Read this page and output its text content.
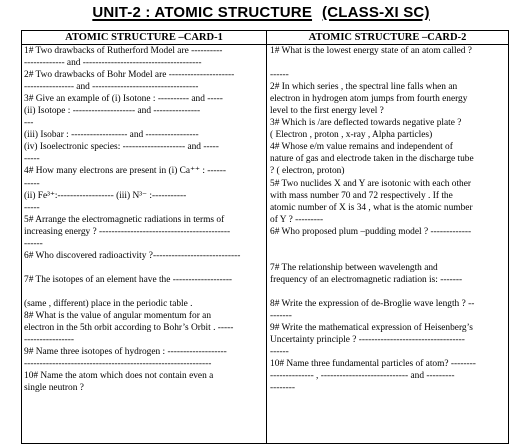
UNIT-2 : ATOMIC STRUCTURE (CLASS-XI SC)
ATOMIC STRUCTURE –CARD-1	ATOMIC STRUCTURE –CARD-2
1# Two drawbacks of Rutherford Model are ----------
------------- and --------------------------------------
2# Two drawbacks of Bohr Model are ---------------------
---------------- and ----------------------------------
3# Give an example of (i) Isotone : ---------- and -----
(ii) Isotope : -------------------- and ---------------
---
(iii) Isobar : ------------------ and -----------------
(iv) Isoelectronic species: -------------------- and -----
-----
4# How many electrons are present in (i) Ca⁺⁺ : ------
-----
(ii) Fe³⁺:------------------ (iii) N³⁻ :-----------
-----
5# Arrange the electromagnetic radiations in terms of
increasing energy ? ------------------------------------------
------
6# Who discovered radioactivity ?----------------------------
7# The isotopes of an element have the -------------------
(same , different) place in the periodic table .
8# What is the value of angular momentum for an
electron in the 5th orbit according to Bohr’s Orbit . -----
----------------
9# Name three isotopes of hydrogen : -------------------
------------------------------------------------------------
10# Name the atom which does not contain even a
single neutron ?
1# What is the lowest energy state of an atom called ?
------
2# In which series , the spectral line falls when an
electron in hydrogen atom jumps from fourth energy
level to the first energy level ?
3# Which is /are deflected towards negative plate ?
( Electron , proton , x-ray , Alpha particles)
4# Whose e/m value remains and independent of
nature of gas and electrode taken in the discharge tube
? ( electron, proton)
5# Two nuclides X and Y are isotonic with each other
with mass number 70 and 72 respectively . If the
atomic number of X is 34 , what is the atomic number
of Y ? ---------
6# Who proposed plum –pudding model ? -------------
7# The relationship between wavelength and
frequency of an electromagnetic radiation is: -------
8# Write the expression of de-Broglie wave length ? --
-------
9# Write the mathematical expression of Heisenberg’s
Uncertainty principle ? ----------------------------------
------
10# Name three fundamental particles of atom? --------
-------------- , ---------------------------- and ---------
--------
